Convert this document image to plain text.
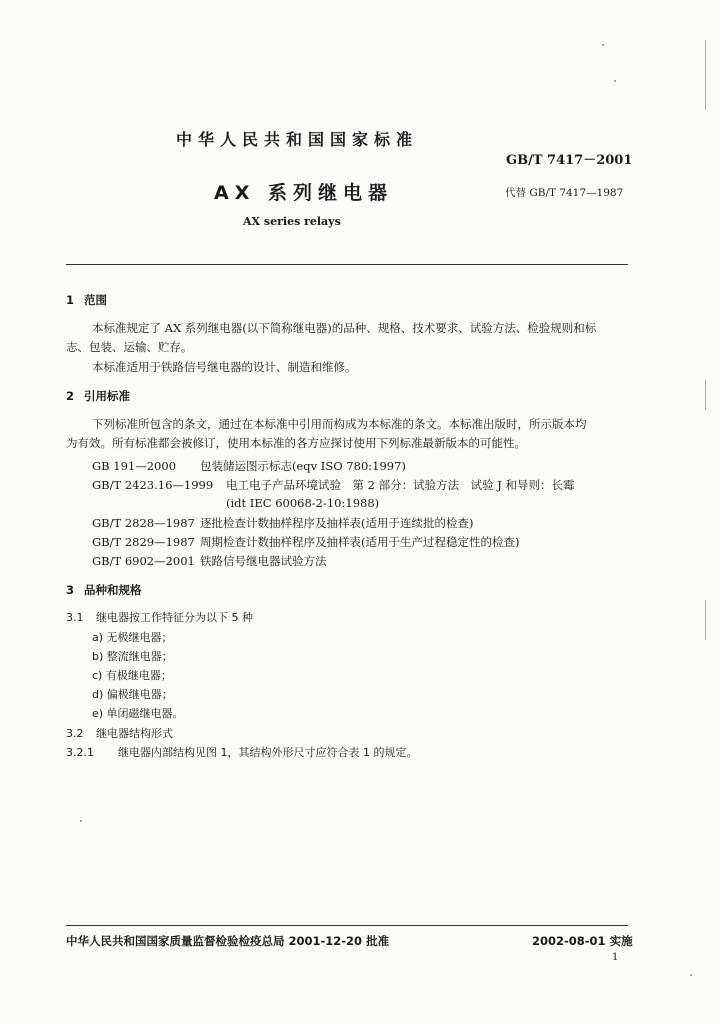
中华人民共和国国家标准
GB/T 7417－2001
AX 系列继电器	代替 GB/T 7417—1987
AX series relays
1 范围
本标准规定了 AX 系列继电器(以下简称继电器)的品种、规格、技术要求、试验方法、检验规则和标
志、包装、运输、贮存。
本标准适用于铁路信号继电器的设计、制造和维修。
2 引用标准
下列标准所包含的条文，通过在本标准中引用而构成为本标准的条文。本标准出版时，所示版本均
为有效。所有标准都会被修订，使用本标准的各方应探讨使用下列标准最新版本的可能性。
GB 191—2000 包装储运图示标志(eqv ISO 780:1997)
GB/T 2423.16—1999 电工电子产品环境试验　第 2 部分：试验方法　试验 J 和导则：长霉
(idt IEC 60068-2-10:1988)
GB/T 2828—1987 逐批检查计数抽样程序及抽样表(适用于连续批的检查)
GB/T 2829—1987 周期检查计数抽样程序及抽样表(适用于生产过程稳定性的检查)
GB/T 6902—2001 铁路信号继电器试验方法
3 品种和规格
3.1 继电器按工作特征分为以下 5 种
a) 无极继电器；
b) 整流继电器；
c) 有极继电器；
d) 偏极继电器；
e) 单闭磁继电器。
3.2 继电器结构形式
3.2.1 继电器内部结构见图 1，其结构外形尺寸应符合表 1 的规定。
中华人民共和国国家质量监督检验检疫总局 2001-12-20 批准	2002-08-01 实施
1
